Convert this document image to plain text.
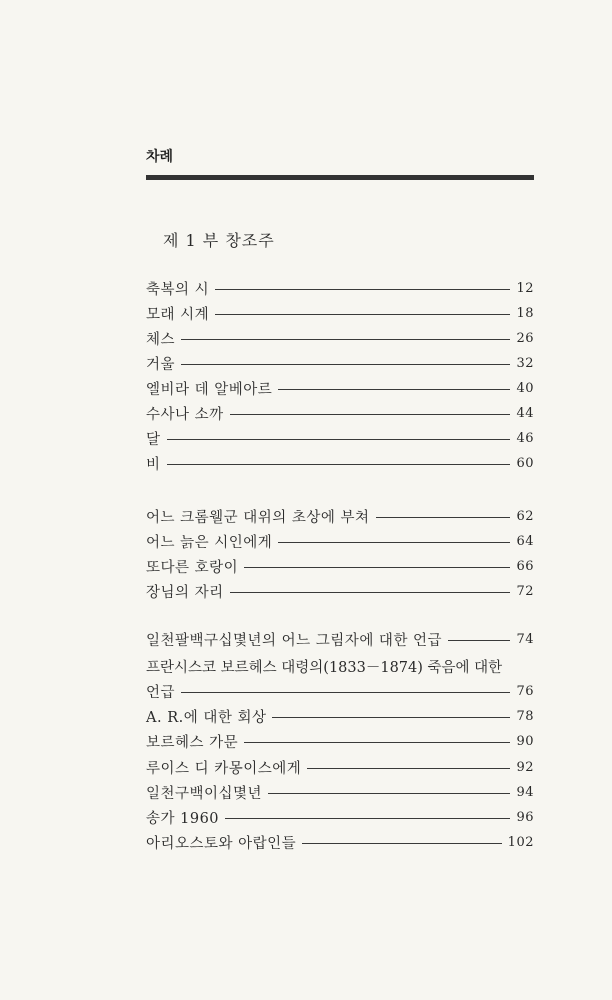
차례
제 1 부 창조주
축복의 시	12
모래 시계	18
체스	26
거울	32
엘비라 데 알베아르	40
수사나 소까	44
달	46
비	60
어느 크롬웰군 대위의 초상에 부쳐	62
어느 늙은 시인에게	64
또다른 호랑이	66
장님의 자리	72
일천팔백구십몇년의 어느 그림자에 대한 언급	74
프란시스코 보르헤스 대령의(1833－1874) 죽음에 대한
언급	76
A. R.에 대한 회상	78
보르헤스 가문	90
루이스 디 카몽이스에게	92
일천구백이십몇년	94
송가 1960	96
아리오스토와 아랍인들	102
